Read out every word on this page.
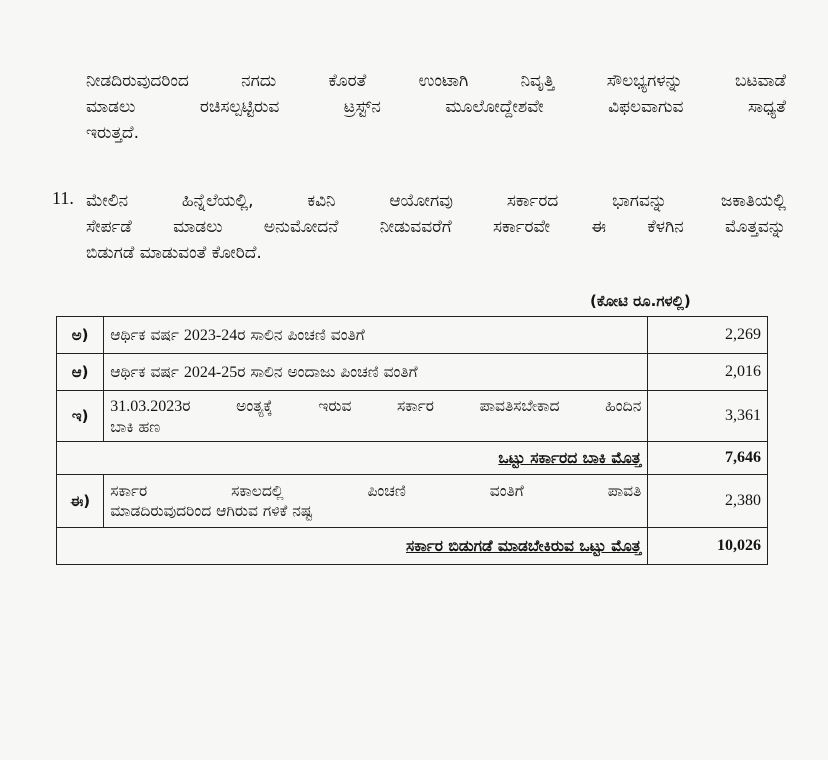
ನೀಡದಿರುವುದರಿಂದ ನಗದು ಕೊರತೆ ಉಂಟಾಗಿ ನಿವೃತ್ತಿ ಸೌಲಭ್ಯಗಳನ್ನು ಬಟವಾಡೆ
ಮಾಡಲು ರಚಿಸಲ್ಪಟ್ಟಿರುವ ಟ್ರಸ್ಟ್‌ನ ಮೂಲೋದ್ದೇಶವೇ ವಿಫಲವಾಗುವ ಸಾಧ್ಯತೆ
ಇರುತ್ತದೆ.
11. ಮೇಲಿನ ಹಿನ್ನೆಲೆಯಲ್ಲಿ, ಕವಿನಿ ಆಯೋಗವು ಸರ್ಕಾರದ ಭಾಗವನ್ನು ಜಕಾತಿಯಲ್ಲಿ
ಸೇರ್ಪಡೆ ಮಾಡಲು ಅನುಮೋದನೆ ನೀಡುವವರೆಗೆ ಸರ್ಕಾರವೇ ಈ ಕೆಳಗಿನ ಮೊತ್ತವನ್ನು
ಬಿಡುಗಡೆ ಮಾಡುವಂತೆ ಕೋರಿದೆ.
(ಕೋಟಿ ರೂ.ಗಳಲ್ಲಿ)
ಅ)	ಆರ್ಥಿಕ ವರ್ಷ 2023-24ರ ಸಾಲಿನ ಪಿಂಚಣಿ ವಂತಿಗೆ	2,269
ಆ)	ಆರ್ಥಿಕ ವರ್ಷ 2024-25ರ ಸಾಲಿನ ಅಂದಾಜು ಪಿಂಚಣಿ ವಂತಿಗೆ	2,016
ಇ)	31.03.2023ರ ಅಂತ್ಯಕ್ಕೆ ಇರುವ ಸರ್ಕಾರ ಪಾವತಿಸಬೇಕಾದ ಹಿಂದಿನ
ಬಾಕಿ ಹಣ	3,361
ಒಟ್ಟು ಸರ್ಕಾರದ ಬಾಕಿ ಮೊತ್ತ		7,646
ಈ)	ಸರ್ಕಾರ ಸಕಾಲದಲ್ಲಿ ಪಿಂಚಣಿ ವಂತಿಗೆ ಪಾವತಿ
ಮಾಡದಿರುವುದರಿಂದ ಆಗಿರುವ ಗಳಿಕೆ ನಷ್ಟ	2,380
ಸರ್ಕಾರ ಬಿಡುಗಡೆ ಮಾಡಬೇಕಿರುವ ಒಟ್ಟು ಮೊತ್ತ		10,026
